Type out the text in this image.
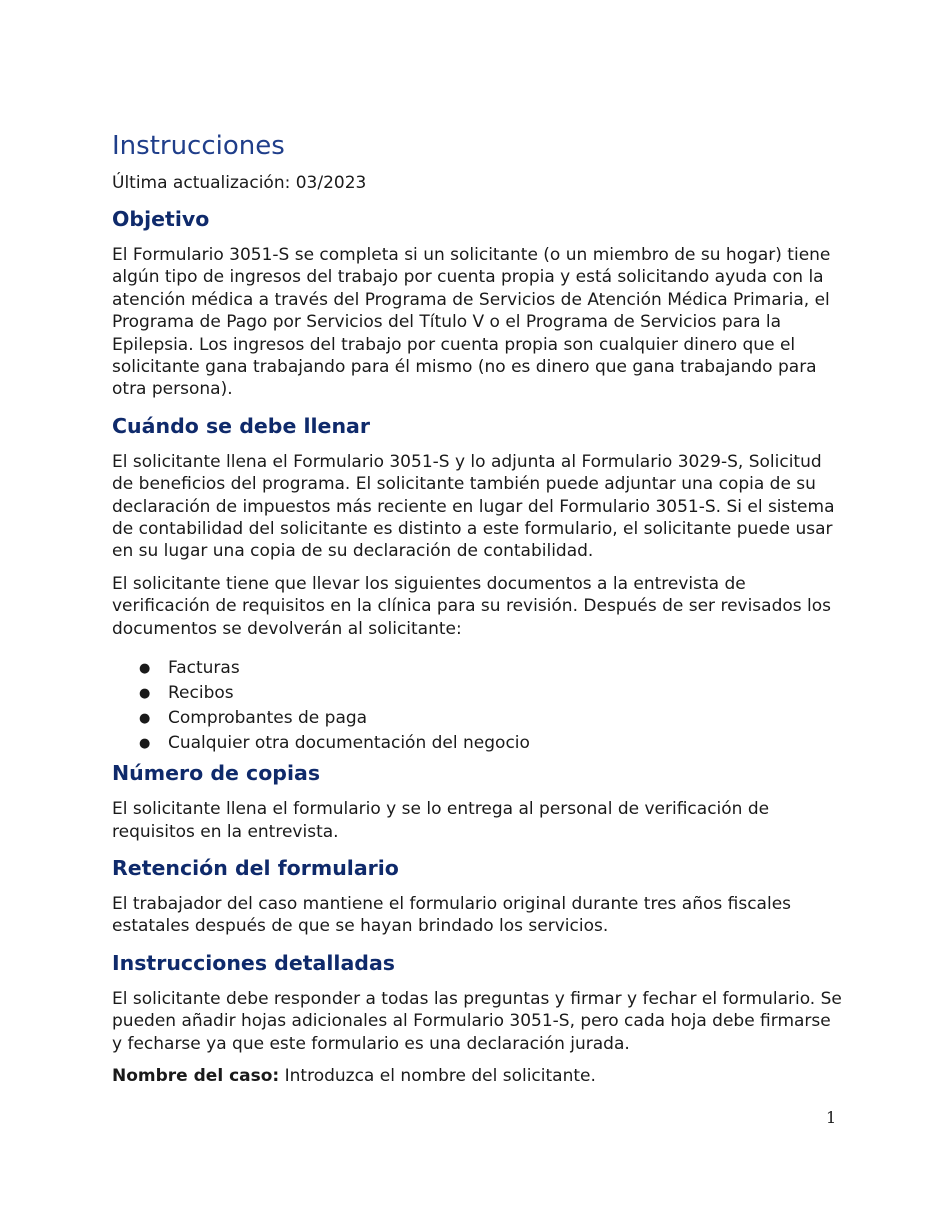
Instrucciones

Última actualización: 03/2023

Objetivo

El Formulario 3051-S se completa si un solicitante (o un miembro de su hogar) tiene algún tipo de ingresos del trabajo por cuenta propia y está solicitando ayuda con la atención médica a través del Programa de Servicios de Atención Médica Primaria, el Programa de Pago por Servicios del Título V o el Programa de Servicios para la Epilepsia. Los ingresos del trabajo por cuenta propia son cualquier dinero que el solicitante gana trabajando para él mismo (no es dinero que gana trabajando para otra persona).

Cuándo se debe llenar

El solicitante llena el Formulario 3051-S y lo adjunta al Formulario 3029-S, Solicitud de beneficios del programa. El solicitante también puede adjuntar una copia de su declaración de impuestos más reciente en lugar del Formulario 3051-S. Si el sistema de contabilidad del solicitante es distinto a este formulario, el solicitante puede usar en su lugar una copia de su declaración de contabilidad.

El solicitante tiene que llevar los siguientes documentos a la entrevista de verificación de requisitos en la clínica para su revisión. Después de ser revisados los documentos se devolverán al solicitante:

● Facturas
● Recibos
● Comprobantes de paga
● Cualquier otra documentación del negocio
Número de copias

El solicitante llena el formulario y se lo entrega al personal de verificación de requisitos en la entrevista.

Retención del formulario

El trabajador del caso mantiene el formulario original durante tres años fiscales estatales después de que se hayan brindado los servicios.

Instrucciones detalladas

El solicitante debe responder a todas las preguntas y firmar y fechar el formulario. Se pueden añadir hojas adicionales al Formulario 3051-S, pero cada hoja debe firmarse y fecharse ya que este formulario es una declaración jurada.

Nombre del caso: Introduzca el nombre del solicitante.

1
